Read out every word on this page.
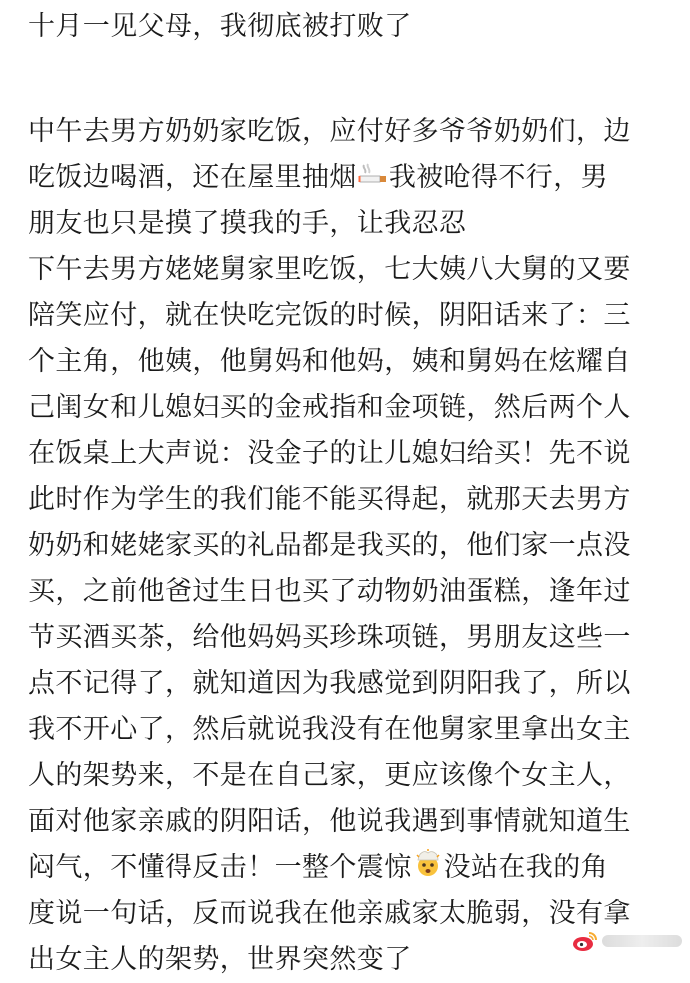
十月一见父母，我彻底被打败了
中午去男方奶奶家吃饭，应付好多爷爷奶奶们，边
吃饭边喝酒，还在屋里抽烟 我被呛得不行，男
朋友也只是摸了摸我的手，让我忍忍
下午去男方姥姥舅家里吃饭，七大姨八大舅的又要
陪笑应付，就在快吃完饭的时候，阴阳话来了：三
个主角，他姨，他舅妈和他妈，姨和舅妈在炫耀自
己闺女和儿媳妇买的金戒指和金项链，然后两个人
在饭桌上大声说：没金子的让儿媳妇给买！先不说
此时作为学生的我们能不能买得起，就那天去男方
奶奶和姥姥家买的礼品都是我买的，他们家一点没
买，之前他爸过生日也买了动物奶油蛋糕，逢年过
节买酒买茶，给他妈妈买珍珠项链，男朋友这些一
点不记得了，就知道因为我感觉到阴阳我了，所以
我不开心了，然后就说我没有在他舅家里拿出女主
人的架势来，不是在自己家，更应该像个女主人，
面对他家亲戚的阴阳话，他说我遇到事情就知道生
闷气，不懂得反击！一整个震惊 没站在我的角
度说一句话，反而说我在他亲戚家太脆弱，没有拿
出女主人的架势，世界突然变了
